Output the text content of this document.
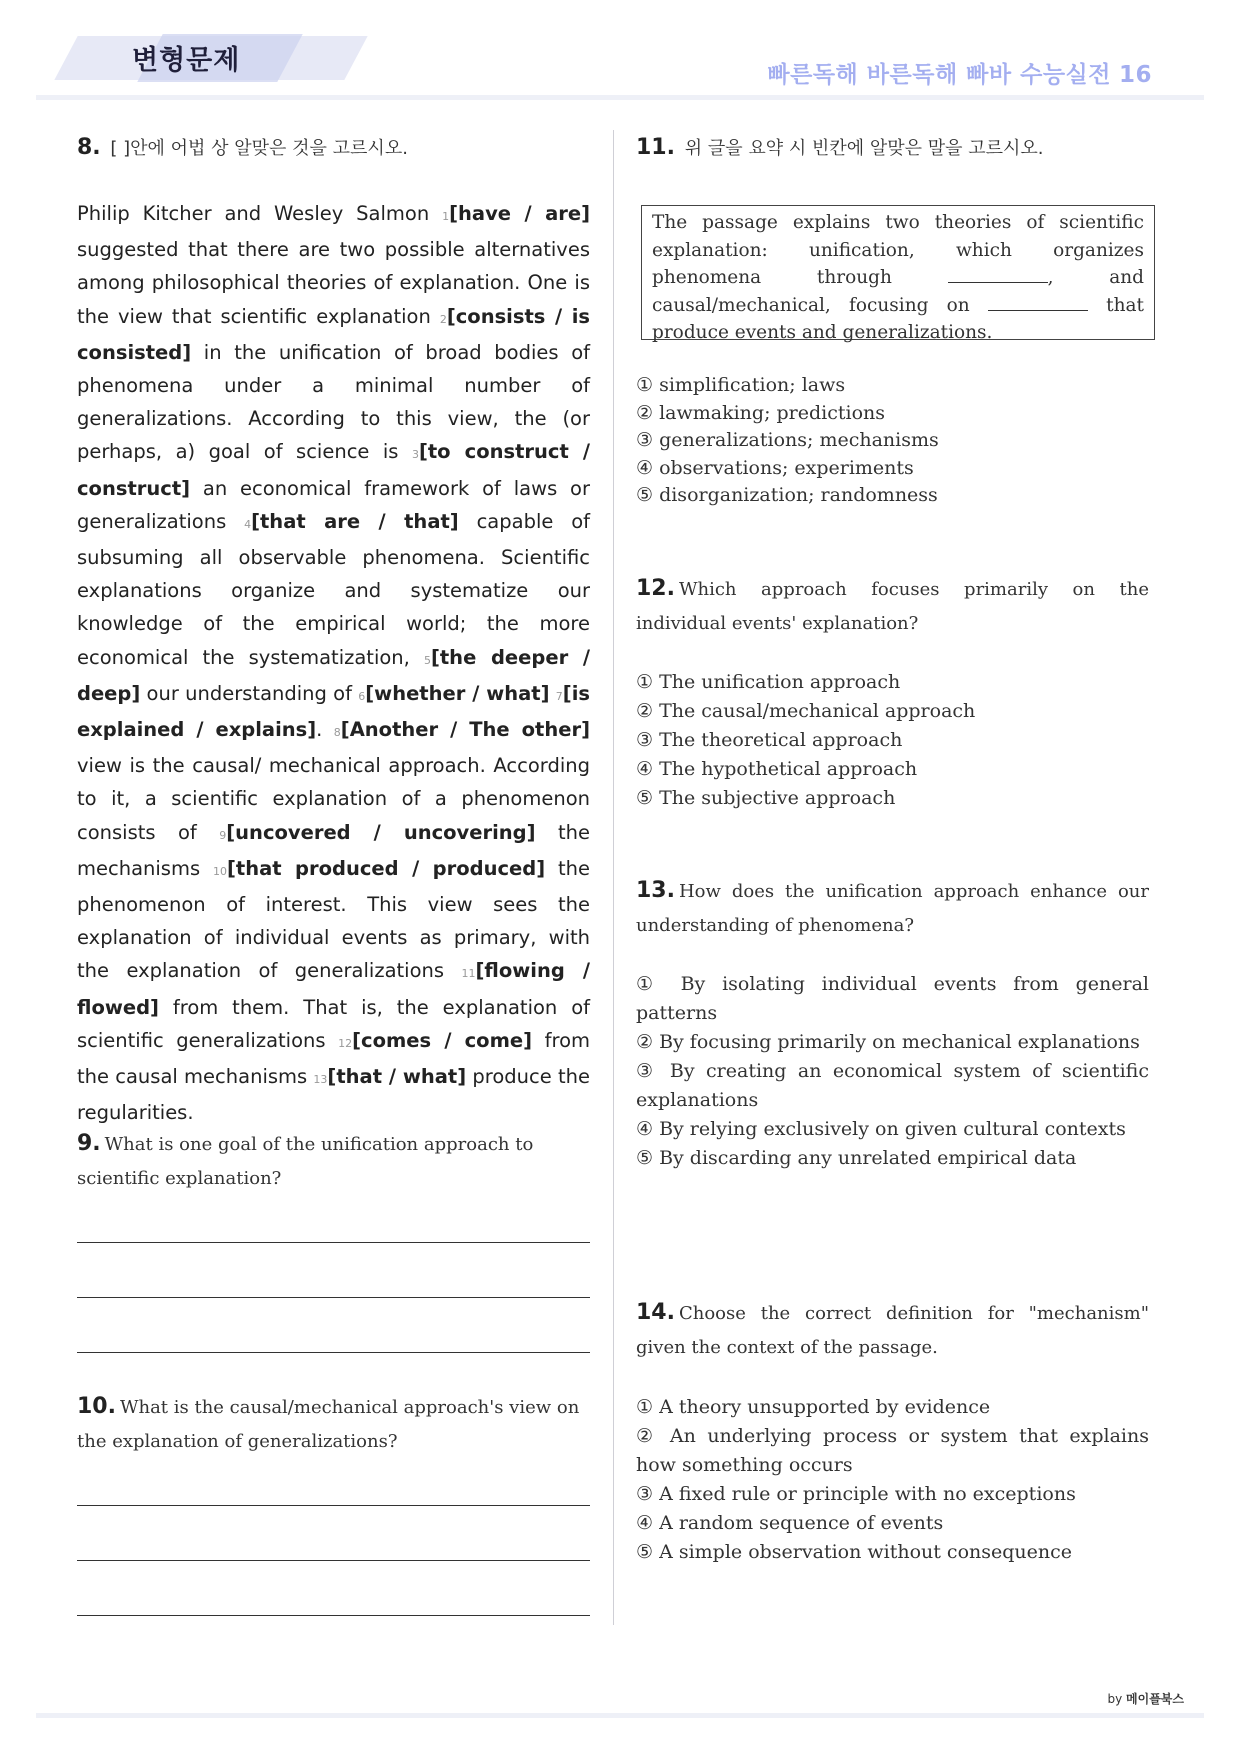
변형문제	빠른독해 바른독해 빠바 수능실전 16
8. [ ]안에 어법 상 알맞은 것을 고르시오.
Philip Kitcher and Wesley Salmon 1[have / are] suggested that there are two possible alternatives among philosophical theories of explanation. One is the view that scientific explanation 2[consists / is consisted] in the unification of broad bodies of phenomena under a minimal number of generalizations. According to this view, the (or perhaps, a) goal of science is 3[to construct / construct] an economical framework of laws or generalizations 4[that are / that] capable of subsuming all observable phenomena. Scientific explanations organize and systematize our knowledge of the empirical world; the more economical the systematization, 5[the deeper / deep] our understanding of 6[whether / what] 7[is explained / explains]. 8[Another / The other] view is the causal/ mechanical approach. According to it, a scientific explanation of a phenomenon consists of 9[uncovered / uncovering] the mechanisms 10[that produced / produced] the phenomenon of interest. This view sees the explanation of individual events as primary, with the explanation of generalizations 11[flowing / flowed] from them. That is, the explanation of scientific generalizations 12[comes / come] from the causal mechanisms 13[that / what] produce the regularities.
9. What is one goal of the unification approach to scientific explanation?
10. What is the causal/mechanical approach's view on the explanation of generalizations?
11. 위 글을 요약 시 빈칸에 알맞은 말을 고르시오.
The passage explains two theories of scientific explanation: unification, which organizes phenomena through	, and causal/mechanical, focusing on	that produce events and generalizations.
① simplification; laws
② lawmaking; predictions
③ generalizations; mechanisms
④ observations; experiments
⑤ disorganization; randomness
12. Which approach focuses primarily on the individual events' explanation?
① The unification approach
② The causal/mechanical approach
③ The theoretical approach
④ The hypothetical approach
⑤ The subjective approach
13. How does the unification approach enhance our understanding of phenomena?
① By isolating individual events from general patterns
② By focusing primarily on mechanical explanations
③ By creating an economical system of scientific explanations
④ By relying exclusively on given cultural contexts
⑤ By discarding any unrelated empirical data
14. Choose the correct definition for "mechanism" given the context of the passage.
① A theory unsupported by evidence
② An underlying process or system that explains how something occurs
③ A fixed rule or principle with no exceptions
④ A random sequence of events
⑤ A simple observation without consequence
by 메이플북스
